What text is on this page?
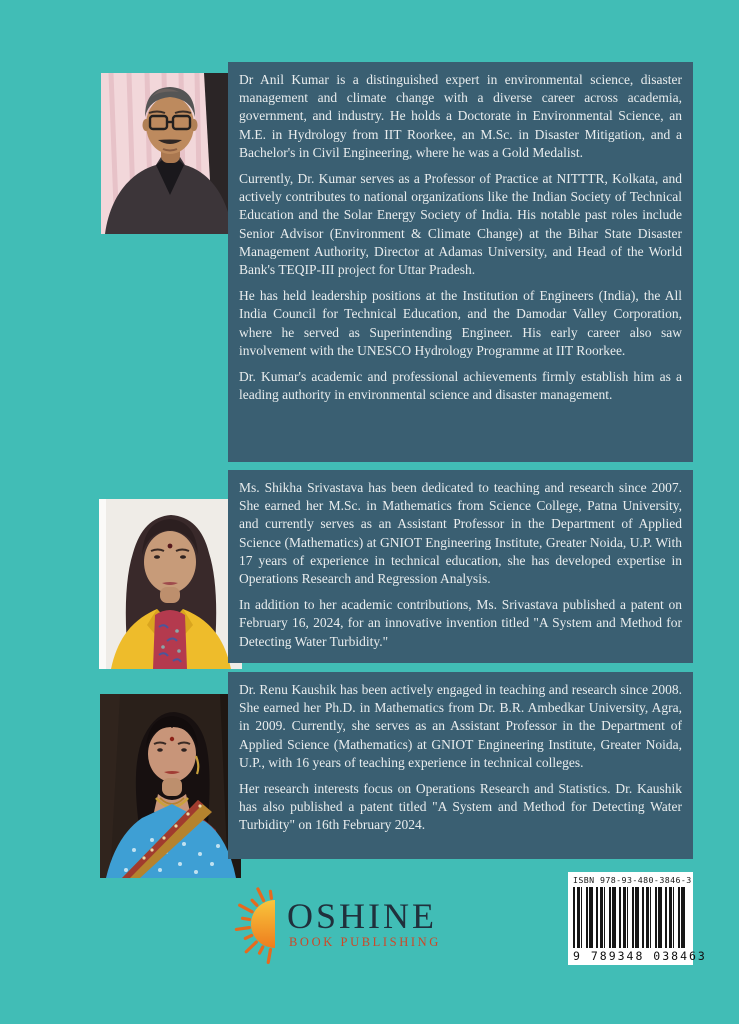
Dr Anil Kumar is a distinguished expert in environmental science, disaster management and climate change with a diverse career across academia, government, and industry. He holds a Doctorate in Environmental Science, an M.E. in Hydrology from IIT Roorkee, an M.Sc. in Disaster Mitigation, and a Bachelor's in Civil Engineering, where he was a Gold Medalist.

Currently, Dr. Kumar serves as a Professor of Practice at NITTTR, Kolkata, and actively contributes to national organizations like the Indian Society of Technical Education and the Solar Energy Society of India. His notable past roles include Senior Advisor (Environment & Climate Change) at the Bihar State Disaster Management Authority, Director at Adamas University, and Head of the World Bank's TEQIP-III project for Uttar Pradesh.

He has held leadership positions at the Institution of Engineers (India), the All India Council for Technical Education, and the Damodar Valley Corporation, where he served as Superintending Engineer. His early career also saw involvement with the UNESCO Hydrology Programme at IIT Roorkee.

Dr. Kumar's academic and professional achievements firmly establish him as a leading authority in environmental science and disaster management.

Ms. Shikha Srivastava has been dedicated to teaching and research since 2007. She earned her M.Sc. in Mathematics from Science College, Patna University, and currently serves as an Assistant Professor in the Department of Applied Science (Mathematics) at GNIOT Engineering Institute, Greater Noida, U.P. With 17 years of experience in technical education, she has developed expertise in Operations Research and Regression Analysis.

In addition to her academic contributions, Ms. Srivastava published a patent on February 16, 2024, for an innovative invention titled "A System and Method for Detecting Water Turbidity."

Dr. Renu Kaushik has been actively engaged in teaching and research since 2008. She earned her Ph.D. in Mathematics from Dr. B.R. Ambedkar University, Agra, in 2009. Currently, she serves as an Assistant Professor in the Department of Applied Science (Mathematics) at GNIOT Engineering Institute, Greater Noida, U.P., with 16 years of teaching experience in technical colleges.

Her research interests focus on Operations Research and Statistics. Dr. Kaushik has also published a patent titled "A System and Method for Detecting Water Turbidity" on 16th February 2024.

OSHINE
BOOK PUBLISHING
ISBN 978-93-480-3846-3
9 789348 038463
